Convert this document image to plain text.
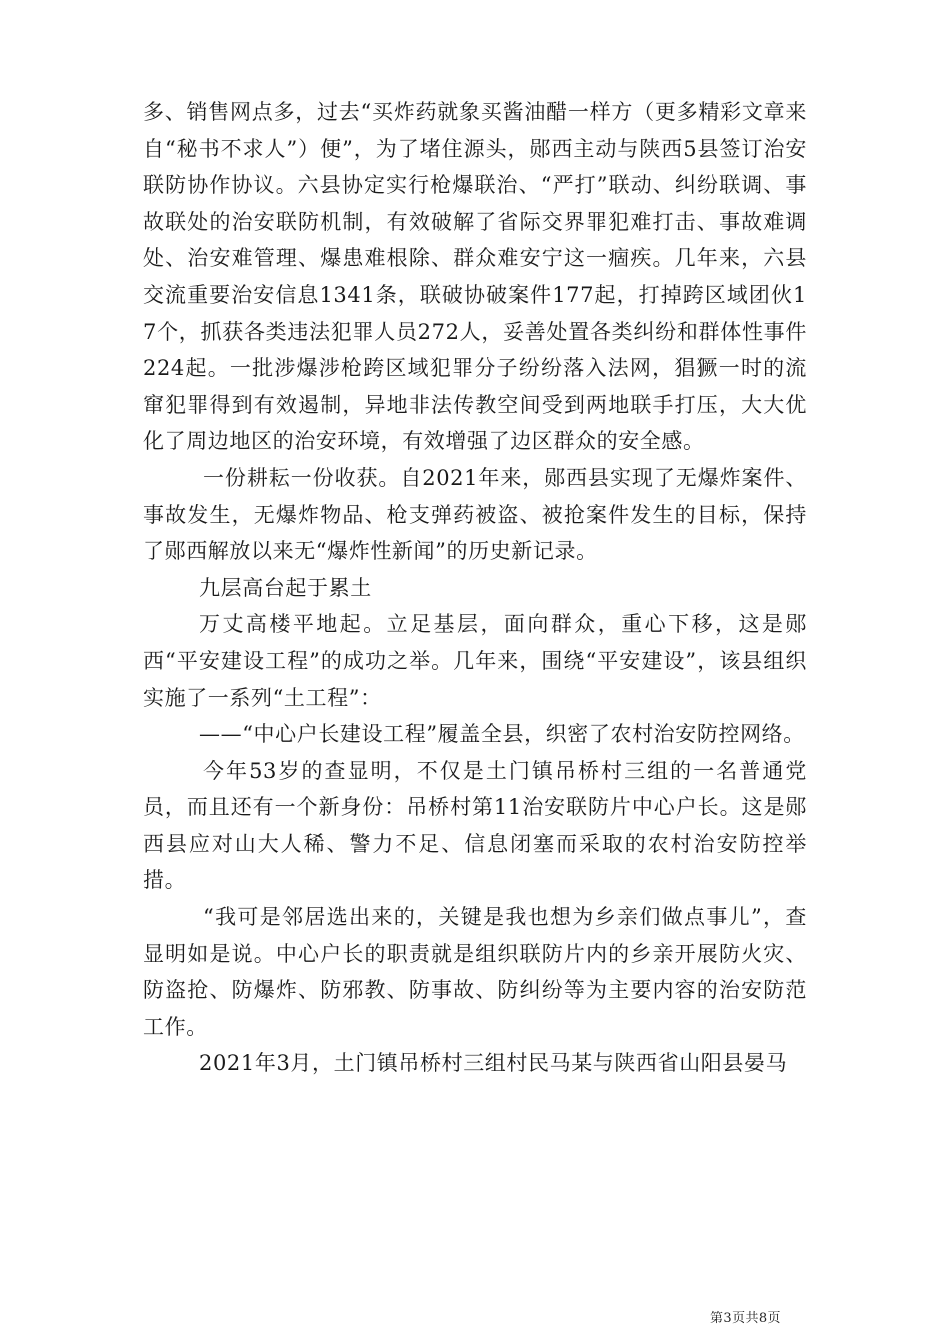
多、销售网点多，过去“买炸药就象买酱油醋一样方（更多精彩文章来自“秘书不求人”）便”，为了堵住源头，郧西主动与陕西5县签订治安联防协作协议。六县协定实行枪爆联治、“严打”联动、纠纷联调、事故联处的治安联防机制，有效破解了省际交界罪犯难打击、事故难调处、治安难管理、爆患难根除、群众难安宁这一痼疾。几年来，六县交流重要治安信息1341条，联破协破案件177起，打掉跨区域团伙17个，抓获各类违法犯罪人员272人，妥善处置各类纠纷和群体性事件224起。一批涉爆涉枪跨区域犯罪分子纷纷落入法网，猖獗一时的流窜犯罪得到有效遏制，异地非法传教空间受到两地联手打压，大大优化了周边地区的治安环境，有效增强了边区群众的安全感。

一份耕耘一份收获。自2021年来，郧西县实现了无爆炸案件、事故发生，无爆炸物品、枪支弹药被盗、被抢案件发生的目标，保持了郧西解放以来无“爆炸性新闻”的历史新记录。

九层高台起于累土

万丈高楼平地起。立足基层，面向群众，重心下移，这是郧西“平安建设工程”的成功之举。几年来，围绕“平安建设”，该县组织实施了一系列“土工程”：

——“中心户长建设工程”履盖全县，织密了农村治安防控网络。

今年53岁的查显明，不仅是土门镇吊桥村三组的一名普通党员，而且还有一个新身份：吊桥村第11治安联防片中心户长。这是郧西县应对山大人稀、警力不足、信息闭塞而采取的农村治安防控举措。

“我可是邻居选出来的，关键是我也想为乡亲们做点事儿”，查显明如是说。中心户长的职责就是组织联防片内的乡亲开展防火灾、防盗抢、防爆炸、防邪教、防事故、防纠纷等为主要内容的治安防范工作。

2021年3月，土门镇吊桥村三组村民马某与陕西省山阳县晏马

第3页共8页
